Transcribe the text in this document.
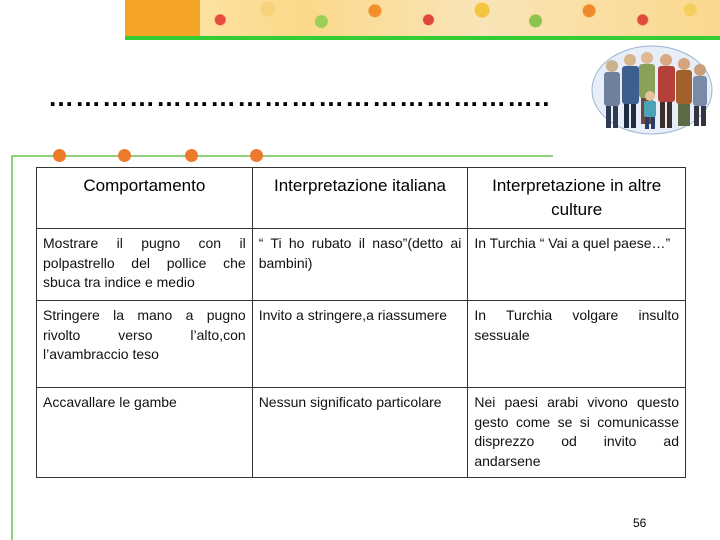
………………………………………………..
Comportamento	Interpretazione italiana	Interpretazione in altre culture
Mostrare il pugno con il polpastrello del pollice che sbuca tra indice e medio	“ Ti ho rubato il naso”(detto ai bambini)	In Turchia “ Vai a quel paese…”
Stringere la mano a pugno rivolto verso l’alto,con l’avambraccio teso	Invito a stringere,a riassumere	In Turchia volgare insulto sessuale
Accavallare le gambe	Nessun significato particolare	Nei paesi arabi vivono questo gesto come se si comunicasse disprezzo od invito ad andarsene
56
